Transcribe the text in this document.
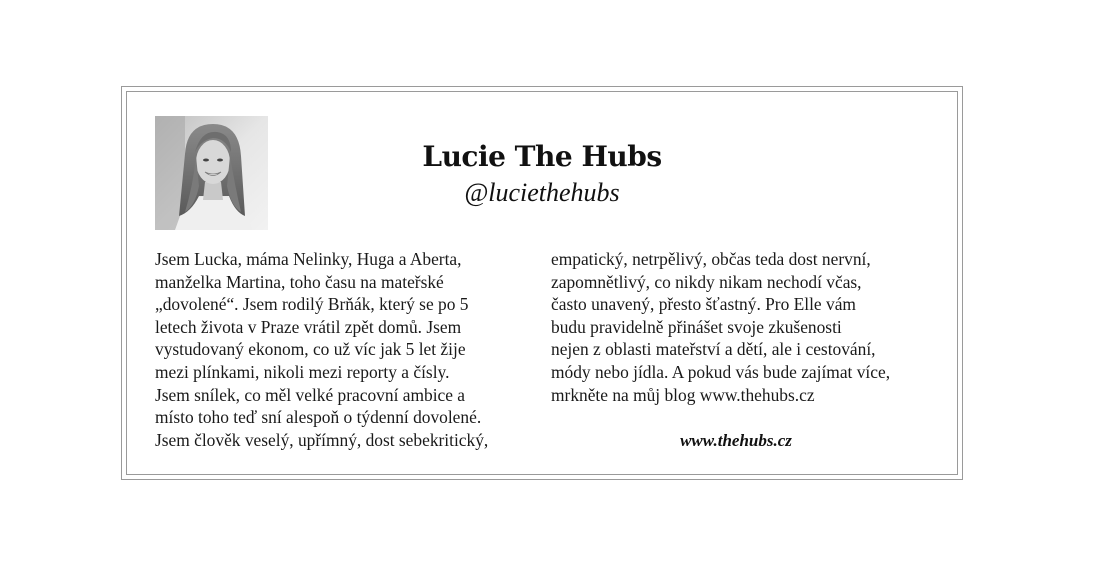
Lucie The Hubs
@luciethehubs
Jsem Lucka, máma Nelinky, Huga a Aberta,
manželka Martina, toho času na mateřské
„dovolené“. Jsem rodilý Brňák, který se po 5
letech života v Praze vrátil zpět domů. Jsem
vystudovaný ekonom, co už víc jak 5 let žije
mezi plínkami, nikoli mezi reporty a čísly.
Jsem snílek, co měl velké pracovní ambice a
místo toho teď sní alespoň o týdenní dovolené.
Jsem člověk veselý, upřímný, dost sebekritický,
empatický, netrpělivý, občas teda dost nervní,
zapomnětlivý, co nikdy nikam nechodí včas,
často unavený, přesto šťastný. Pro Elle vám
budu pravidelně přinášet svoje zkušenosti
nejen z oblasti mateřství a dětí, ale i cestování,
módy nebo jídla. A pokud vás bude zajímat více,
mrkněte na můj blog www.thehubs.cz
www.thehubs.cz
